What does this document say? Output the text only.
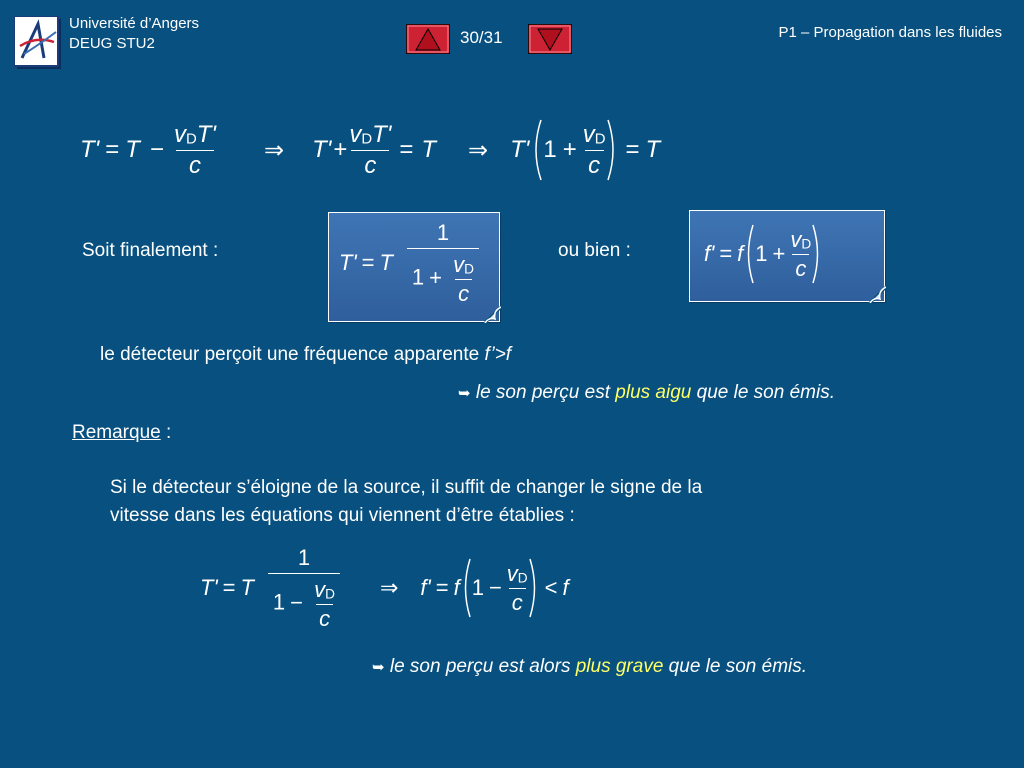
Université d’Angers
DEUG STU2	30/31	P1 – Propagation dans les fluides
$T' = T - \frac{\text{vDT'}}{c}$ ⇒ $T' + \frac{\text{vDT'}}{c} = T$ ⇒ T' $1 + \frac{vD}{c} = T$
Soit finalement :	T' = T $\frac{1}{1 + \frac{vD}{c}}$	ou bien :	f' = f $1 + \frac{vD}{c}$
le détecteur perçoit une fréquence apparente f’>f
➥ le son perçu est plus aigu que le son émis.
Remarque :
Si le détecteur s’éloigne de la source, il suffit de changer le signe de la
vitesse dans les équations qui viennent d’être établies :
T' = T $\frac{1}{1 - \frac{vD}{c}}$ ⇒ f' = f $1 - \frac{vD}{c} < f$
➥ le son perçu est alors plus grave que le son émis.
